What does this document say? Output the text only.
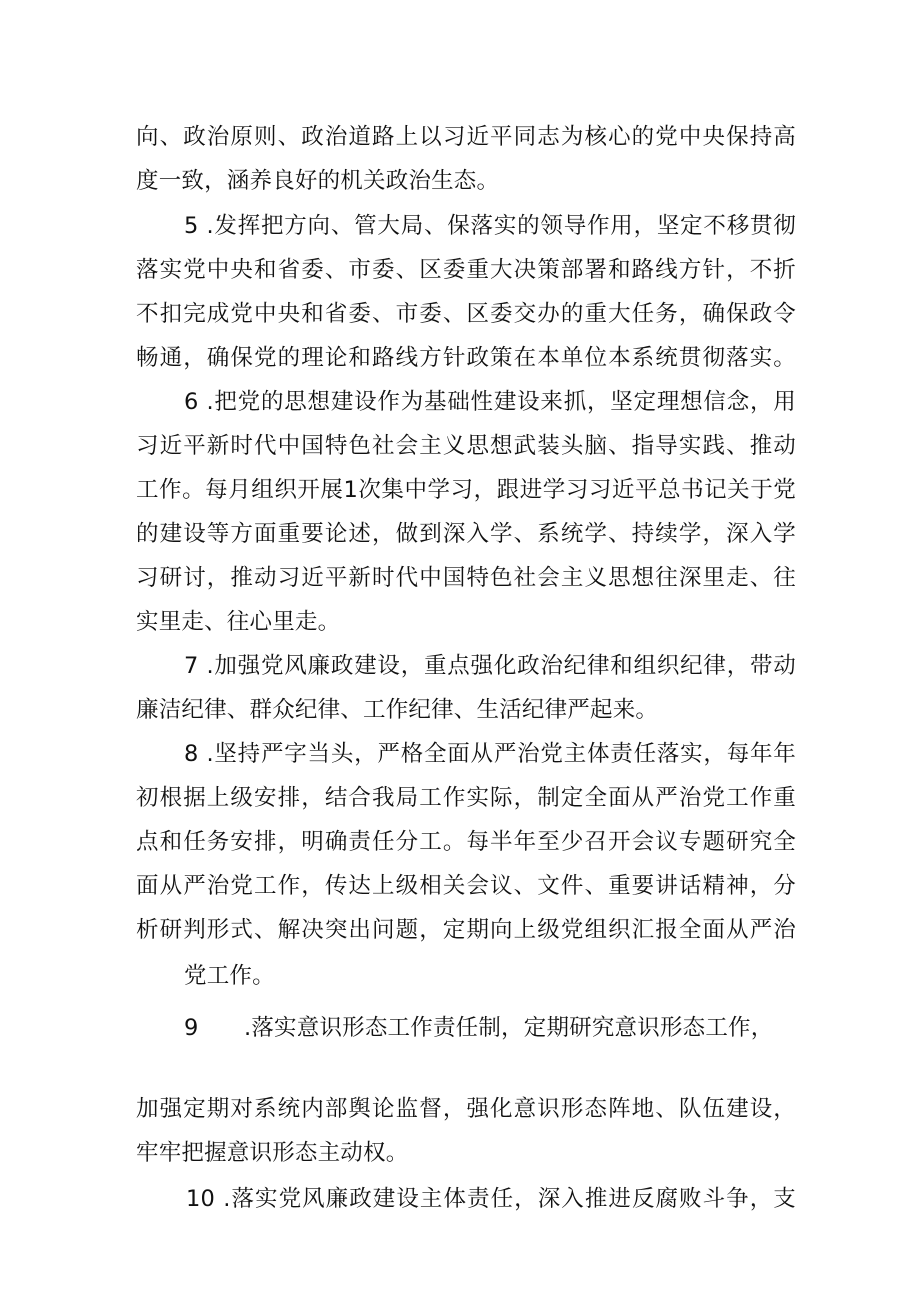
向、政治原则、政治道路上以习近平同志为核心的党中央保持高
度一致，涵养良好的机关政治生态。
5 .发挥把方向、管大局、保落实的领导作用，坚定不移贯彻
落实党中央和省委、市委、区委重大决策部署和路线方针，不折
不扣完成党中央和省委、市委、区委交办的重大任务，确保政令
畅通，确保党的理论和路线方针政策在本单位本系统贯彻落实。
6 .把党的思想建设作为基础性建设来抓，坚定理想信念，用
习近平新时代中国特色社会主义思想武装头脑、指导实践、推动
工作。每月组织开展1次集中学习，跟进学习习近平总书记关于党
的建设等方面重要论述，做到深入学、系统学、持续学，深入学
习研讨，推动习近平新时代中国特色社会主义思想往深里走、往
实里走、往心里走。
7 .加强党风廉政建设，重点强化政治纪律和组织纪律，带动
廉洁纪律、群众纪律、工作纪律、生活纪律严起来。
8 .坚持严字当头，严格全面从严治党主体责任落实，每年年
初根据上级安排，结合我局工作实际，制定全面从严治党工作重
点和任务安排，明确责任分工。每半年至少召开会议专题研究全
面从严治党工作，传达上级相关会议、文件、重要讲话精神，分
析研判形式、解决突出问题，定期向上级党组织汇报全面从严治
党工作。
9	.落实意识形态工作责任制，定期研究意识形态工作，
加强定期对系统内部舆论监督，强化意识形态阵地、队伍建设，
牢牢把握意识形态主动权。
10 .落实党风廉政建设主体责任，深入推进反腐败斗争，支
